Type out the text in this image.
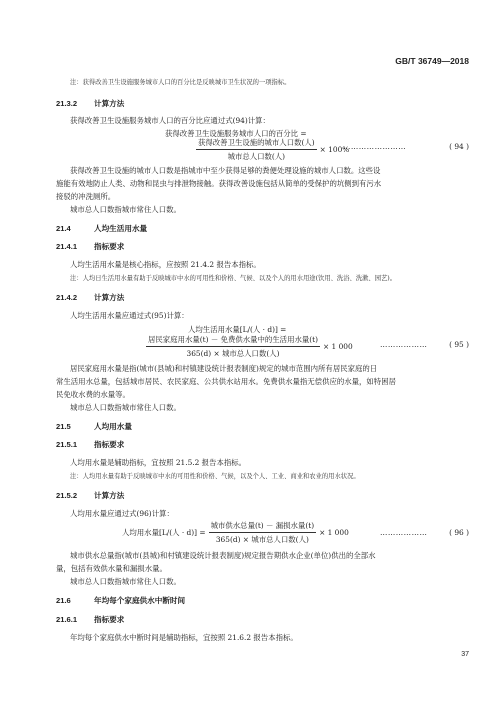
GB/T 36749—2018
注：获得改善卫生设施服务城市人口的百分比是反映城市卫生状况的一项指标。
21.3.2 计算方法
获得改善卫生设施服务城市人口的百分比应通过式(94)计算：
获得改善卫生设施服务城市人口的百分比 =
$\frac{\text{获得改善卫生设施的城市人口数(人)}}{\text{城市总人口数(人)}} \times 100\%$
……………………	( 94 )
获得改善卫生设施的城市人口数是指城市中至少获得足够的粪便处理设施的城市人口数。这些设
施能有效地防止人类、动物和昆虫与排泄物接触。获得改善设施包括从简单的受保护的坑侧到有污水
接驳的冲洗厕所。
城市总人口数指城市常住人口数。
21.4	人均生活用水量
21.4.1 指标要求
人均生活用水量是核心指标，应按照 21.4.2 报告本指标。
注：人均日生活用水量有助于反映城市中水的可用性和价格、气候、以及个人的用水用途(饮用、洗浴、洗漱、园艺)。
21.4.2 计算方法
人均生活用水量应通过式(95)计算：
人均生活用水量[L/(人 · d)] =
$\frac{\text{居民家庭用水量(t) － 免费供水量中的生活用水量(t)}}{\text{365(d) × 城市总人口数(人)}} \times 1$ 000	………………	( 95 )
居民家庭用水量是指(城市(县城)和村镇建设统计报表制度)规定的城市范围内所有居民家庭的日
常生活用水总量，包括城市居民、农民家庭、公共供水站用水。免费供水量指无偿供应的水量，如特困居
民免收水费的水量等。
城市总人口数指城市常住人口数。
21.5	人均用水量
21.5.1 指标要求
人均用水量是辅助指标，宜按照 21.5.2 报告本指标。
注：人均用水量有助于反映城市中水的可用性和价格、气候，以及个人、工业、商业和农业的用水状况。
21.5.2 计算方法
人均用水量应通过式(96)计算：
人均用水量[L/(人 · $d)] = \frac{\text{城市供水总量(t) － 漏损水量(t)}}{\text{365(d) × 城市总人口数(人)}} \times 1$ 000	………………	( 96 )
城市供水总量指(城市(县城)和村镇建设统计报表制度)规定报告期供水企业(单位)供出的全部水
量，包括有效供水量和漏损水量。
城市总人口数指城市常住人口数。
21.6	年均每个家庭供水中断时间
21.6.1 指标要求
年均每个家庭供水中断时间是辅助指标，宜按照 21.6.2 报告本指标。
37
